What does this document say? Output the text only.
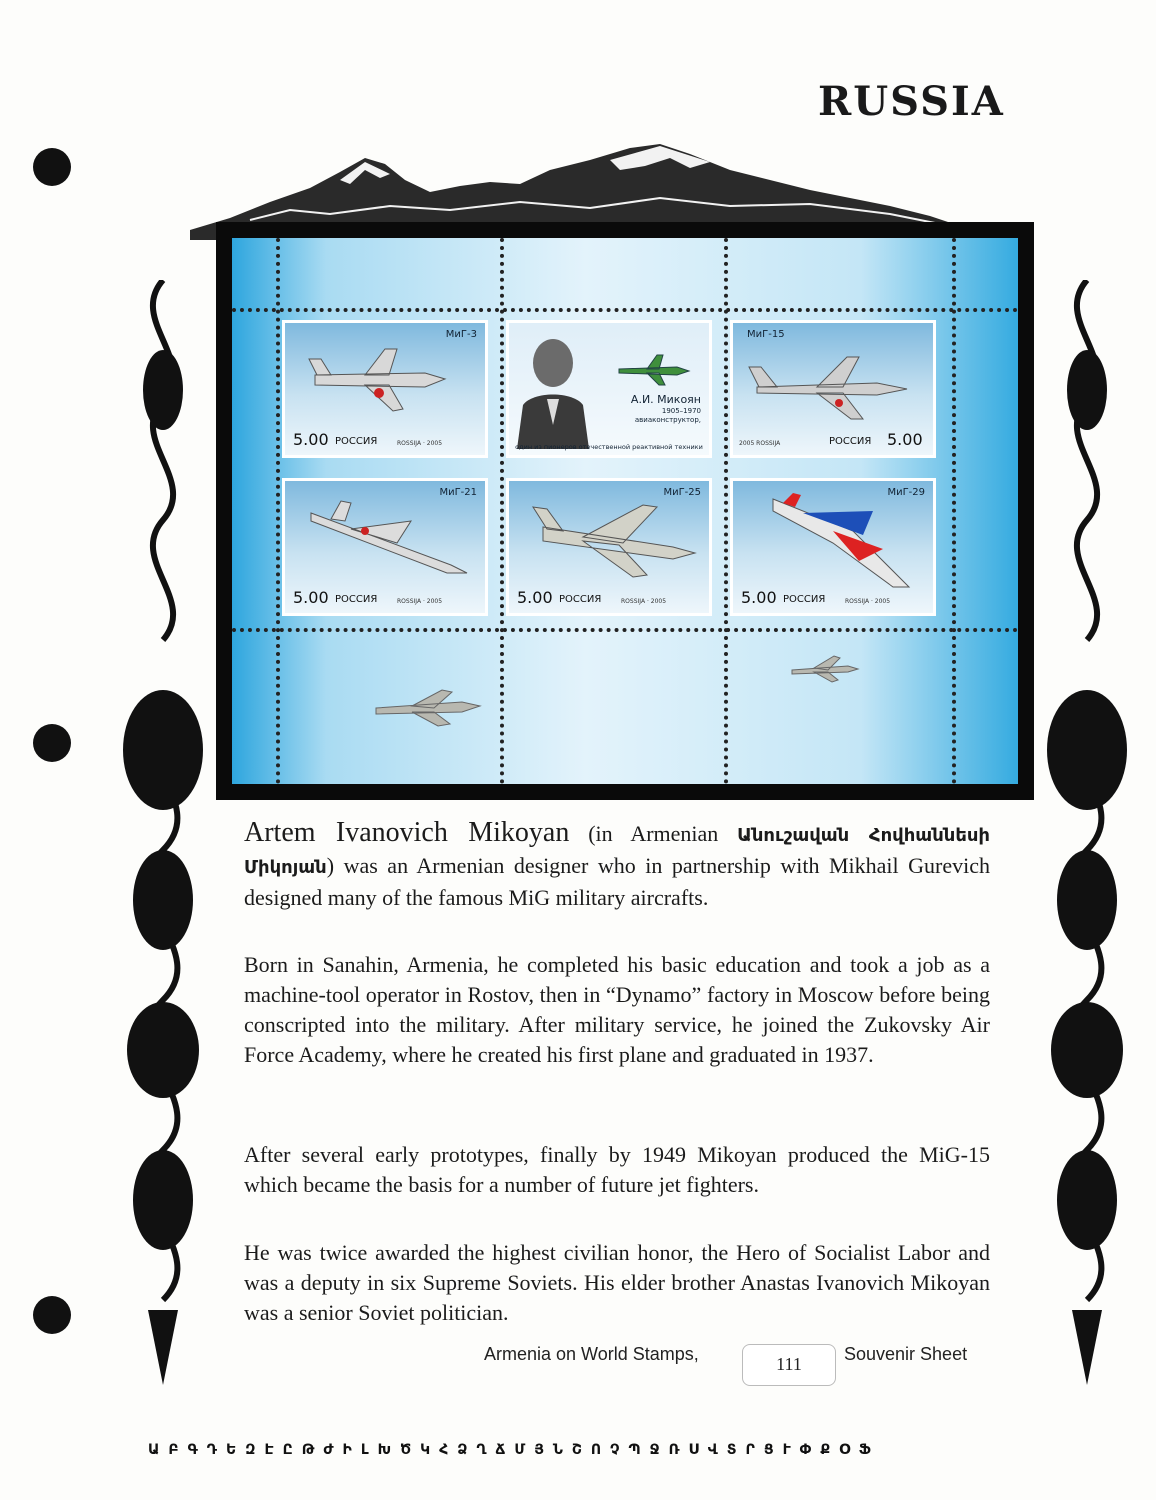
RUSSIA
МиГ-3
5.00 РОССИЯ	ROSSIJA · 2005
А.И. Микоян
1905–1970
авиаконструктор,
один из пионеров отечественной реактивной техники
МиГ-15
2005 ROSSIJA	РОССИЯ 5.00
МиГ-21
5.00 РОССИЯ	ROSSIJA · 2005
МиГ-25
5.00 РОССИЯ	ROSSIJA · 2005
МиГ-29
5.00 РОССИЯ	ROSSIJA · 2005
Artem Ivanovich Mikoyan (in Armenian Անուշավան Հովհաննեսի Միկոյան) was an Armenian designer who in partnership with Mikhail Gurevich designed many of the famous MiG military aircrafts.
Born in Sanahin, Armenia, he completed his basic education and took a job as a machine-tool operator in Rostov, then in “Dynamo” factory in Moscow before being conscripted into the military. After military service, he joined the Zukovsky Air Force Academy, where he created his first plane and graduated in 1937.
After several early prototypes, finally by 1949 Mikoyan produced the MiG-15 which became the basis for a number of future jet fighters.
He was twice awarded the highest civilian honor, the Hero of Socialist Labor and was a deputy in six Supreme Soviets. His elder brother Anastas Ivanovich Mikoyan was a senior Soviet politician.
Armenia on World Stamps,	111	Souvenir Sheet
ԱԲԳԴԵԶԷԸԹԺԻԼԽԾԿՀՁՂՃՄՅՆՇՈՉՊՋՌՍՎՏՐՑՒՓՔՕՖ
